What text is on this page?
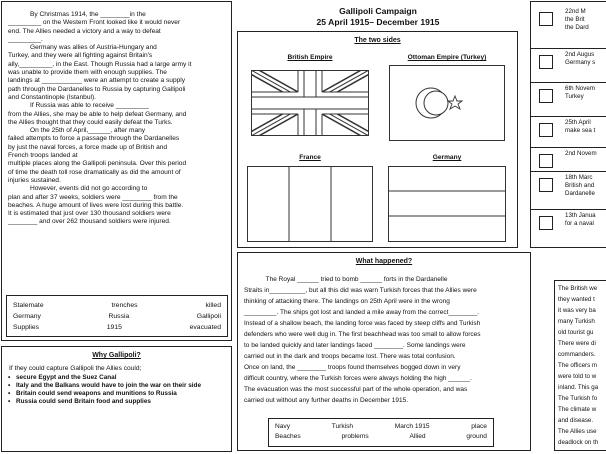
By Christmas 1914, the ________in the
_________ on the Western Front looked like it would never
end. The Allies needed a victory and a way to defeat
_________.
Germany was allies of Austria-Hungary and
Turkey, and they were all fighting against Britain's
ally,_________, in the East. Though Russia had a large army it
was unable to provide them with enough supplies. The
landings at ___________ were an attempt to create a supply
path through the Dardanelles to Russia by capturing Gallipoli
and Constantinople (Istanbul).
If Russia was able to receive _________
from the Allies, she may be able to help defeat Germany, and
the Allies thought that they could easily defeat the Turks.
On the 25th of April,______, after many
failed attempts to force a passage through the Dardanelles
by just the naval forces, a force made up of British and
French troops landed at
multiple places along the Gallipoli peninsula. Over this period
of time the death toll rose dramatically as did the amount of
injuries sustained.
However, events did not go according to
plan and after 37 weeks, soldiers were ________ from the
beaches. A huge amount of lives were lost during this battle.
It is estimated that just over 130 thousand soldiers were
________ and over 262 thousand soldiers were injured.
Stalemate	trenches	killed
Germany	Russia	Gallipoli
Supplies	1915	evacuated
Why Gallipoli?
If they could capture Gallipoli the Allies could;
• secure Egypt and the Suez Canal
• Italy and the Balkans would have to join the war on their side
• Britain could send weapons and munitions to Russia
• Russia could send Britain food and supplies
Gallipoli Campaign
25 April 1915– December 1915
The two sides
British Empire	Ottoman Empire (Turkey)
France	Germany
What happened?
The Royal ______ tried to bomb ______ forts in the Dardanelle
Straits in__________, but all this did was warn Turkish forces that the Allies were
thinking of attacking there. The landings on 25th April were in the wrong
_________. The ships got lost and landed a mile away from the correct________.
Instead of a shallow beach, the landing force was faced by steep cliffs and Turkish
defenders who were well dug in. The first beachhead was too small to allow forces
to be landed quickly and later landings faced ________. Some landings were
carried out in the dark and troops became lost. There was total confusion.
Once on land, the ________ troops found themselves bogged down in very
difficult country, where the Turkish forces were always holding the high ______.
The evacuation was the most successful part of the whole operation, and was
carried out without any further deaths in December 1915.
Navy	Turkish	March 1915	place
Beaches	problems	Allied	ground
22nd M
the Brit
the Dard
2nd Augus
Germany s
6th Novem
Turkey
25th April
make sea t
2nd Novem
18th Marc
British and
Dardanelle
13th Janua
for a naval
The British we
they wanted t
it was very ba
many Turkish
old tourist gu
There were di
commanders.
The officers m
were told to w
inland. This ga
The Turkish fo
The climate w
and disease.
The Allies use
deadlock on th
